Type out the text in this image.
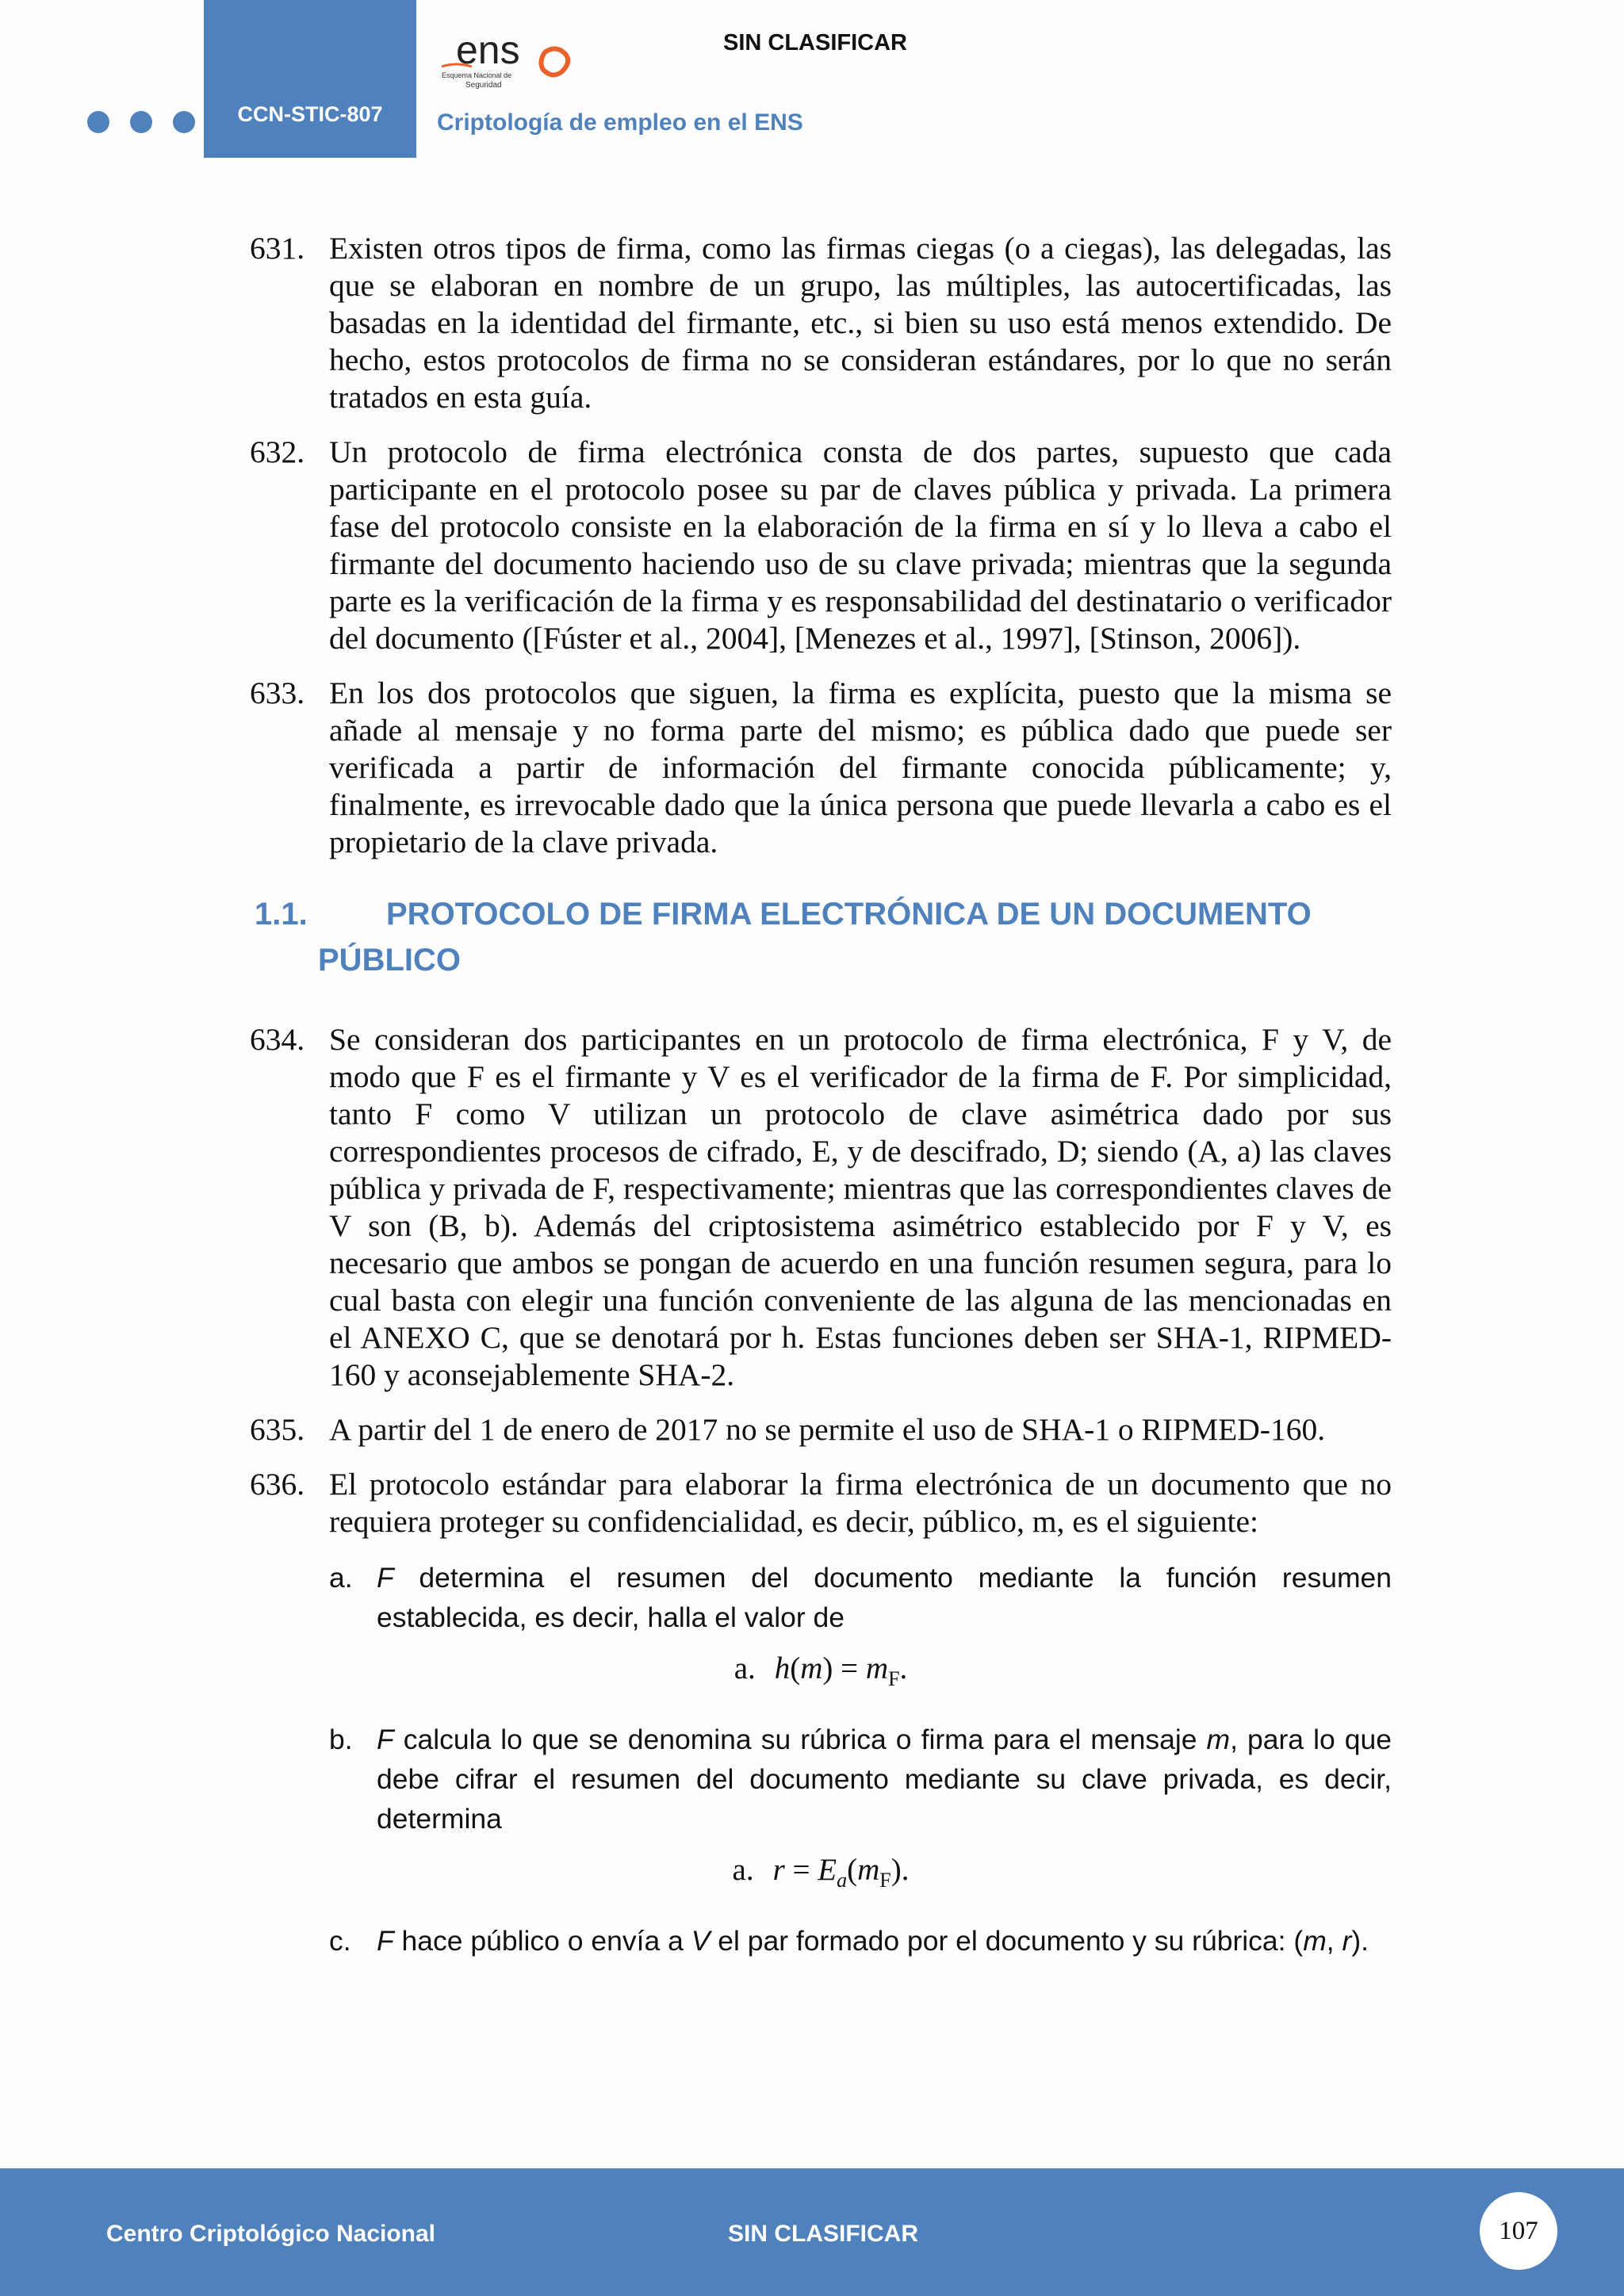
CCN-STIC-807
ens
Esquema Nacional de
Seguridad
SIN CLASIFICAR
Criptología de empleo en el ENS
631. Existen otros tipos de firma, como las firmas ciegas (o a ciegas), las delegadas, las que se elaboran en nombre de un grupo, las múltiples, las autocertificadas, las basadas en la identidad del firmante, etc., si bien su uso está menos extendido. De hecho, estos protocolos de firma no se consideran estándares, por lo que no serán tratados en esta guía.
632. Un protocolo de firma electrónica consta de dos partes, supuesto que cada participante en el protocolo posee su par de claves pública y privada. La primera fase del protocolo consiste en la elaboración de la firma en sí y lo lleva a cabo el firmante del documento haciendo uso de su clave privada; mientras que la segunda parte es la verificación de la firma y es responsabilidad del destinatario o verificador del documento ([Fúster et al., 2004], [Menezes et al., 1997], [Stinson, 2006]).
633. En los dos protocolos que siguen, la firma es explícita, puesto que la misma se añade al mensaje y no forma parte del mismo; es pública dado que puede ser verificada a partir de información del firmante conocida públicamente; y, finalmente, es irrevocable dado que la única persona que puede llevarla a cabo es el propietario de la clave privada.
1.1. PROTOCOLO DE FIRMA ELECTRÓNICA DE UN DOCUMENTO
PÚBLICO
634. Se consideran dos participantes en un protocolo de firma electrónica, F y V, de modo que F es el firmante y V es el verificador de la firma de F. Por simplicidad, tanto F como V utilizan un protocolo de clave asimétrica dado por sus correspondientes procesos de cifrado, E, y de descifrado, D; siendo (A, a) las claves pública y privada de F, respectivamente; mientras que las correspondientes claves de V son (B, b). Además del criptosistema asimétrico establecido por F y V, es necesario que ambos se pongan de acuerdo en una función resumen segura, para lo cual basta con elegir una función conveniente de las alguna de las mencionadas en el ANEXO C, que se denotará por h. Estas funciones deben ser SHA-1, RIPMED-160 y aconsejablemente SHA-2.
635. A partir del 1 de enero de 2017 no se permite el uso de SHA-1 o RIPMED-160.
636. El protocolo estándar para elaborar la firma electrónica de un documento que no requiera proteger su confidencialidad, es decir, público, m, es el siguiente:
a. F determina el resumen del documento mediante la función resumen establecida, es decir, halla el valor de
a. $h(m) = m_F$.
b. F calcula lo que se denomina su rúbrica o firma para el mensaje m, para lo que debe cifrar el resumen del documento mediante su clave privada, es decir, determina
a. $r = E_a(m_F)$.
c. F hace público o envía a V el par formado por el documento y su rúbrica: (m, r).
Centro Criptológico Nacional	SIN CLASIFICAR	107
